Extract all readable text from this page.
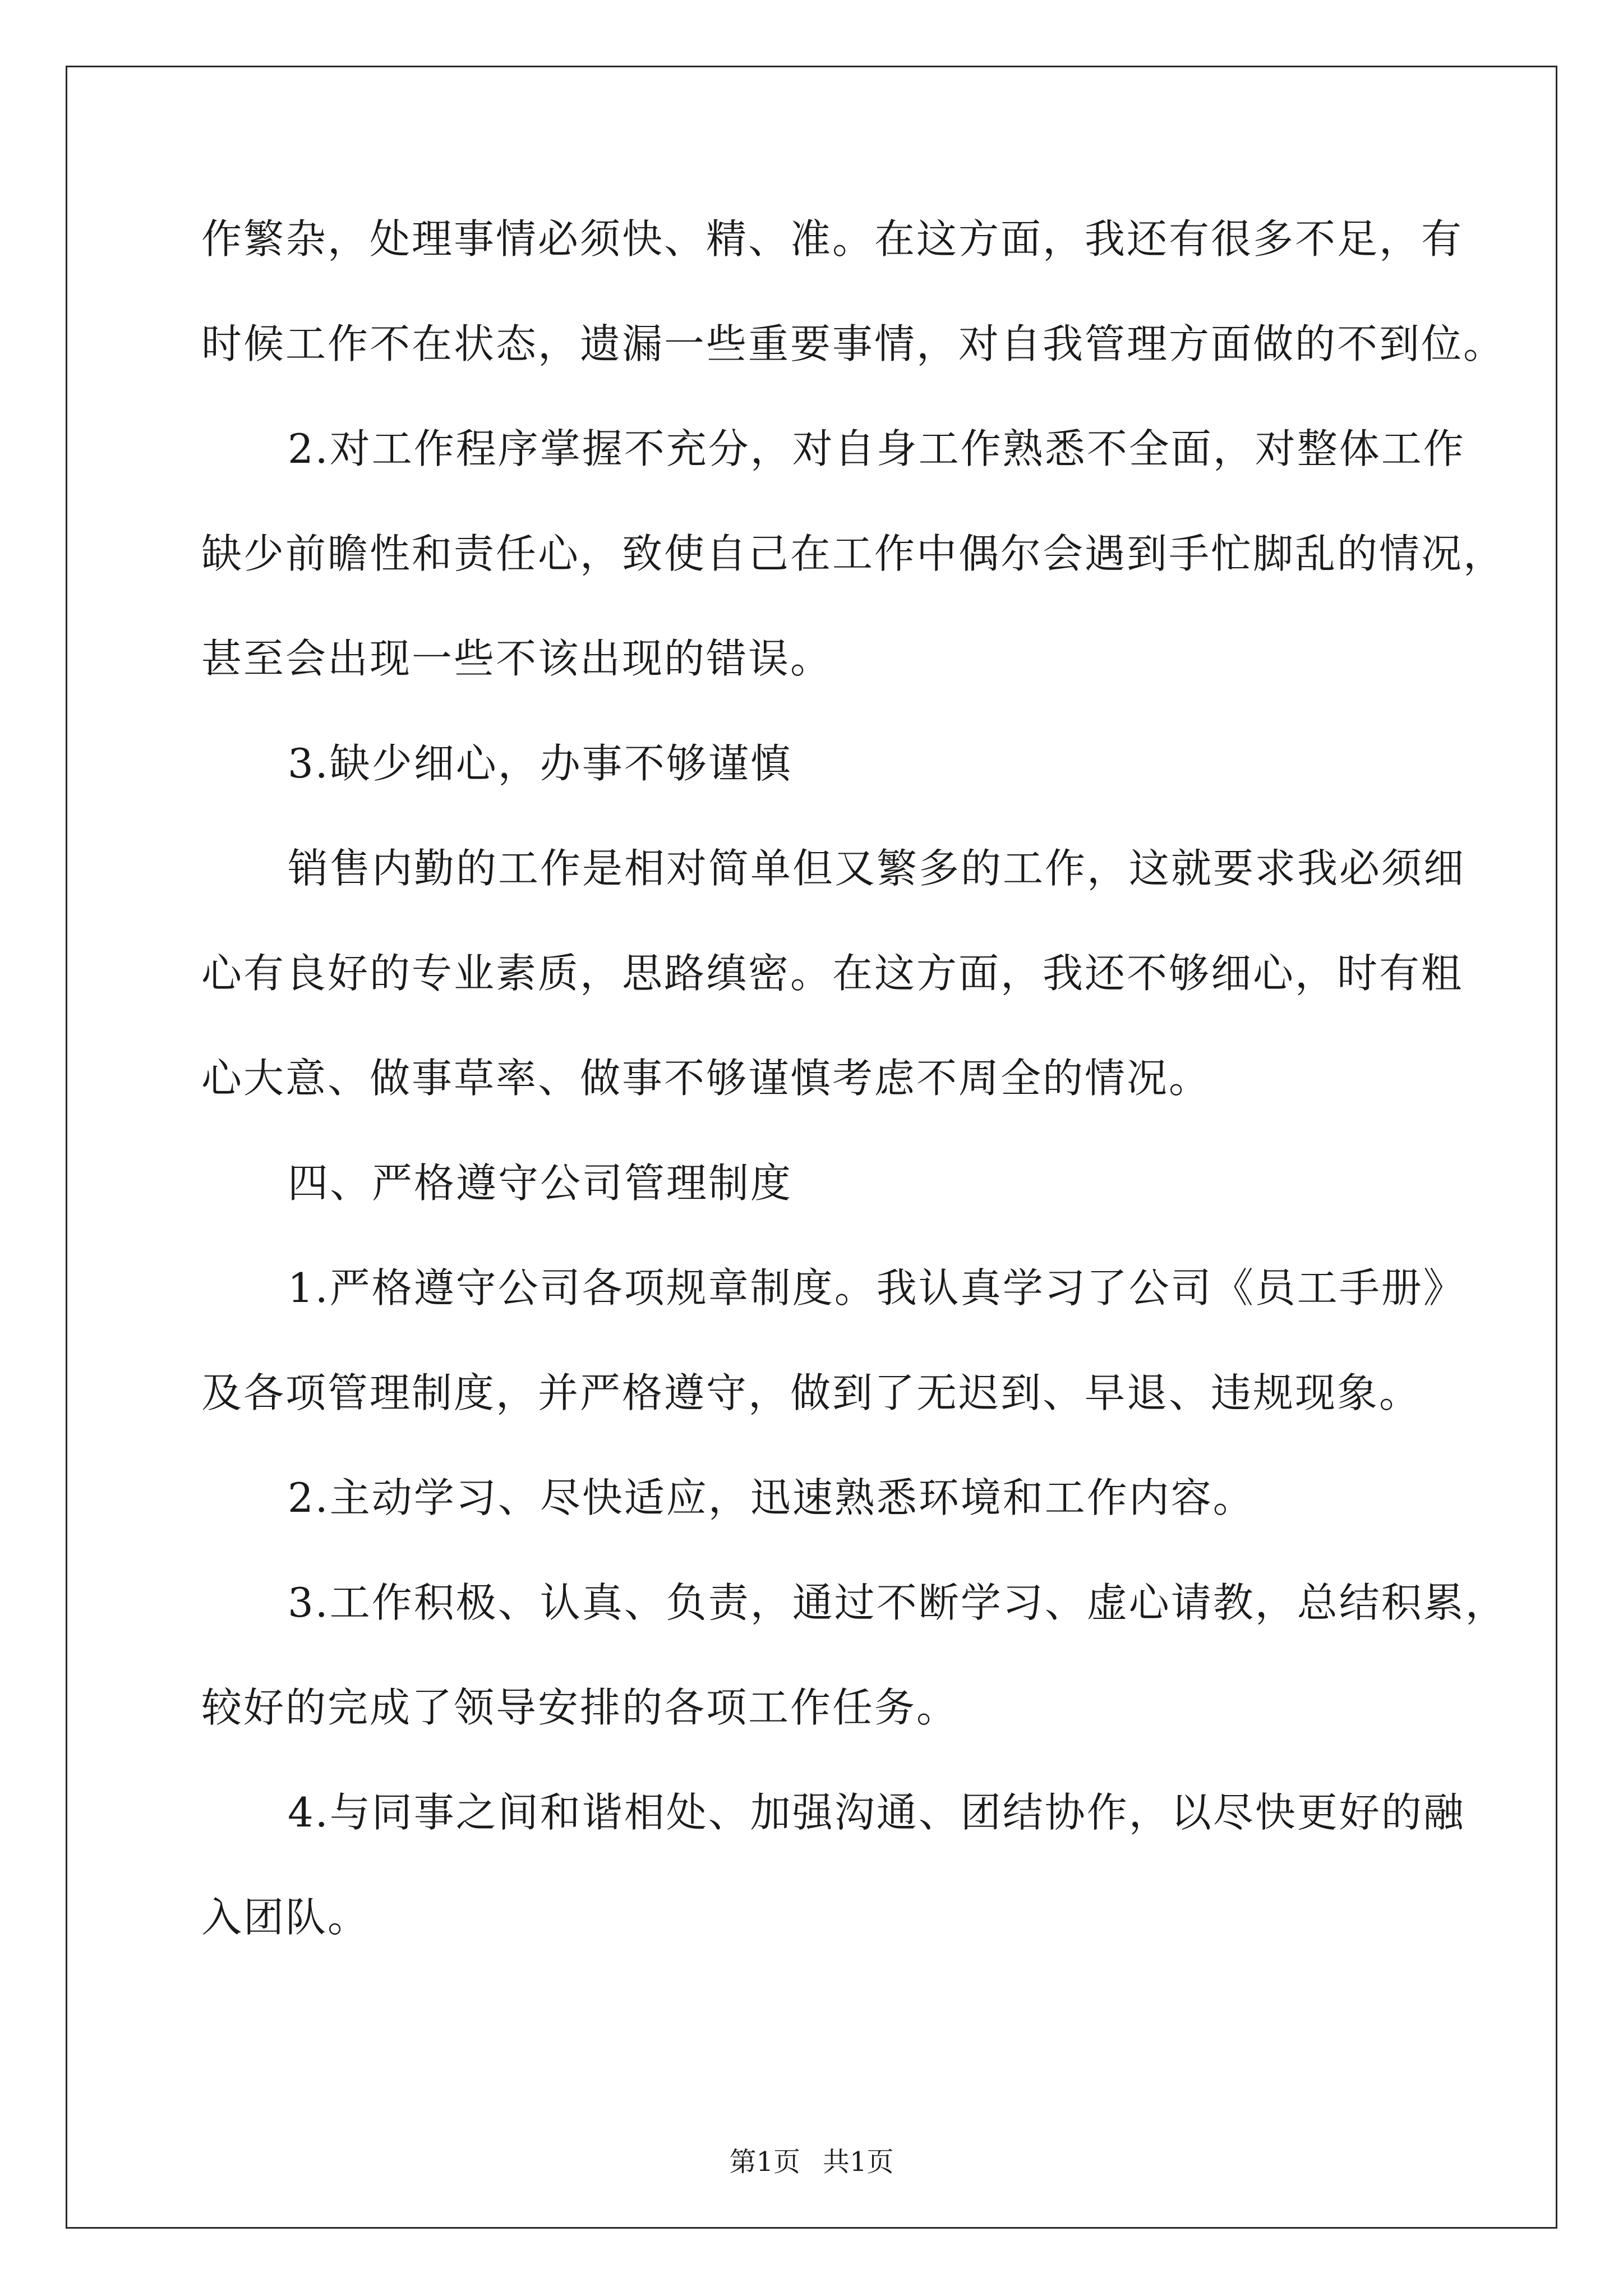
作繁杂，处理事情必须快、精、准。在这方面，我还有很多不足，有
时候工作不在状态，遗漏一些重要事情，对自我管理方面做的不到位。
2.对工作程序掌握不充分，对自身工作熟悉不全面，对整体工作
缺少前瞻性和责任心，致使自己在工作中偶尔会遇到手忙脚乱的情况，
甚至会出现一些不该出现的错误。
3.缺少细心，办事不够谨慎
销售内勤的工作是相对简单但又繁多的工作，这就要求我必须细
心有良好的专业素质，思路缜密。在这方面，我还不够细心，时有粗
心大意、做事草率、做事不够谨慎考虑不周全的情况。
四、严格遵守公司管理制度
1.严格遵守公司各项规章制度。我认真学习了公司《员工手册》
及各项管理制度，并严格遵守，做到了无迟到、早退、违规现象。
2.主动学习、尽快适应，迅速熟悉环境和工作内容。
3.工作积极、认真、负责，通过不断学习、虚心请教，总结积累，
较好的完成了领导安排的各项工作任务。
4.与同事之间和谐相处、加强沟通、团结协作，以尽快更好的融
入团队。
第1页 共1页
